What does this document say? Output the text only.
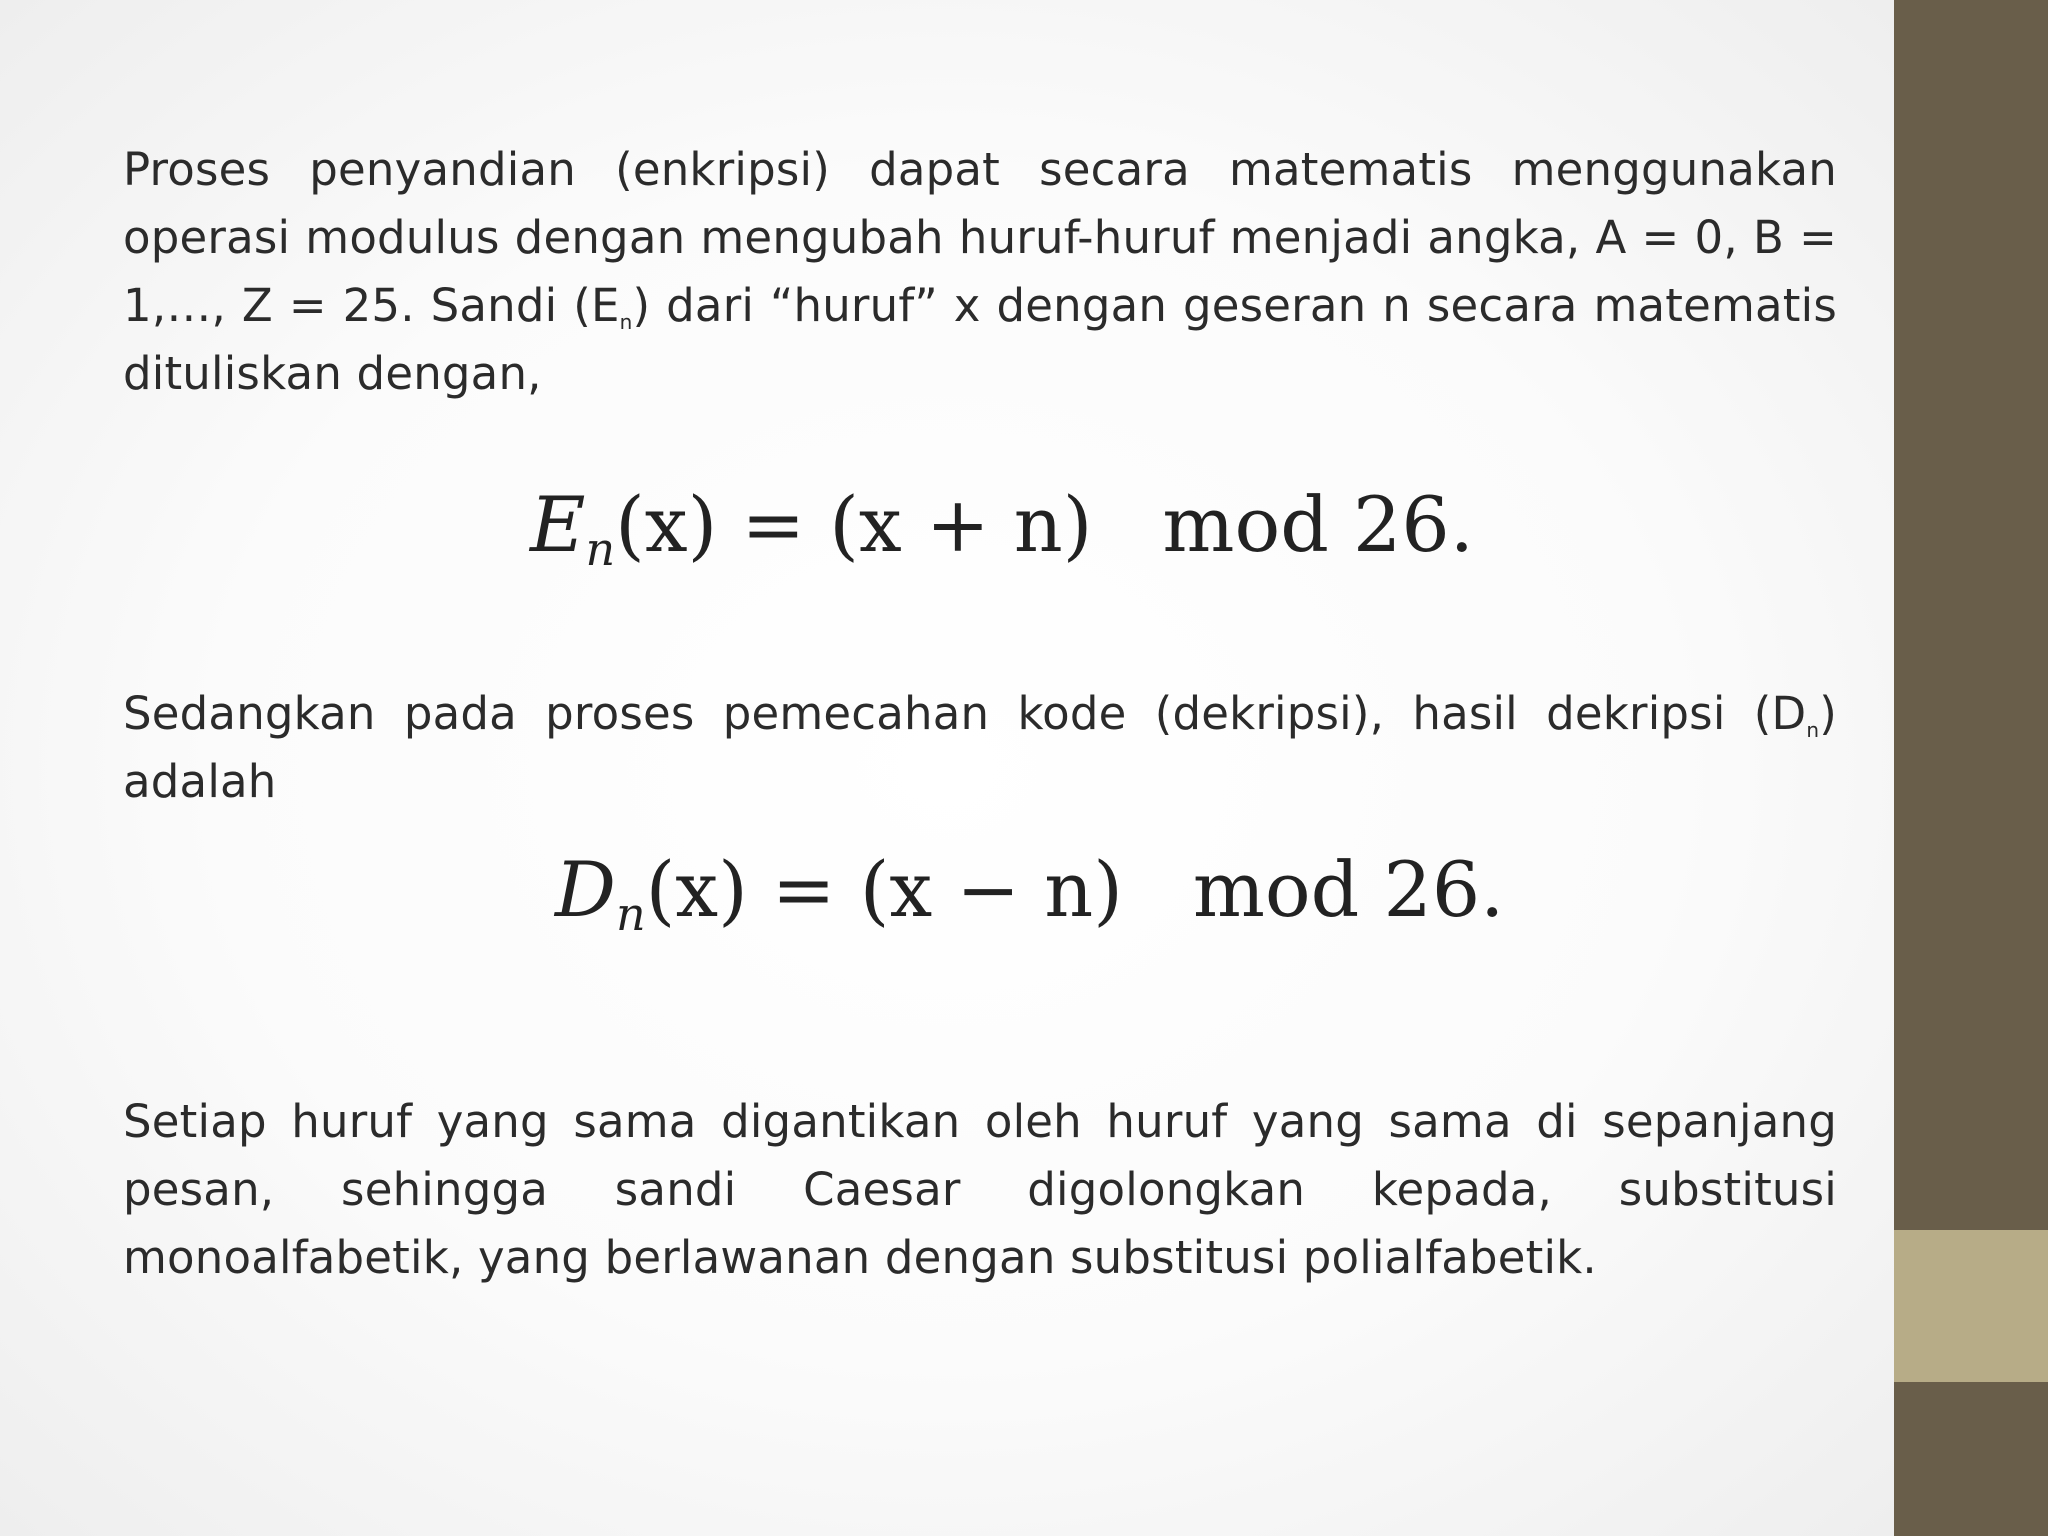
Proses penyandian (enkripsi) dapat secara matematis menggunakan operasi modulus dengan mengubah huruf-huruf menjadi angka, A = 0, B = 1,…, Z = 25. Sandi $(E_n)$ dari “huruf” x dengan geseran n secara matematis dituliskan dengan,

$E_n(x) = (x + n)$ mod 26.

Sedangkan pada proses pemecahan kode (dekripsi), hasil dekripsi $(D_n)$ adalah

$D_n(x) = (x - n)$ mod 26.

Setiap huruf yang sama digantikan oleh huruf yang sama di sepanjang pesan, sehingga sandi Caesar digolongkan kepada, substitusi monoalfabetik, yang berlawanan dengan substitusi polialfabetik.
